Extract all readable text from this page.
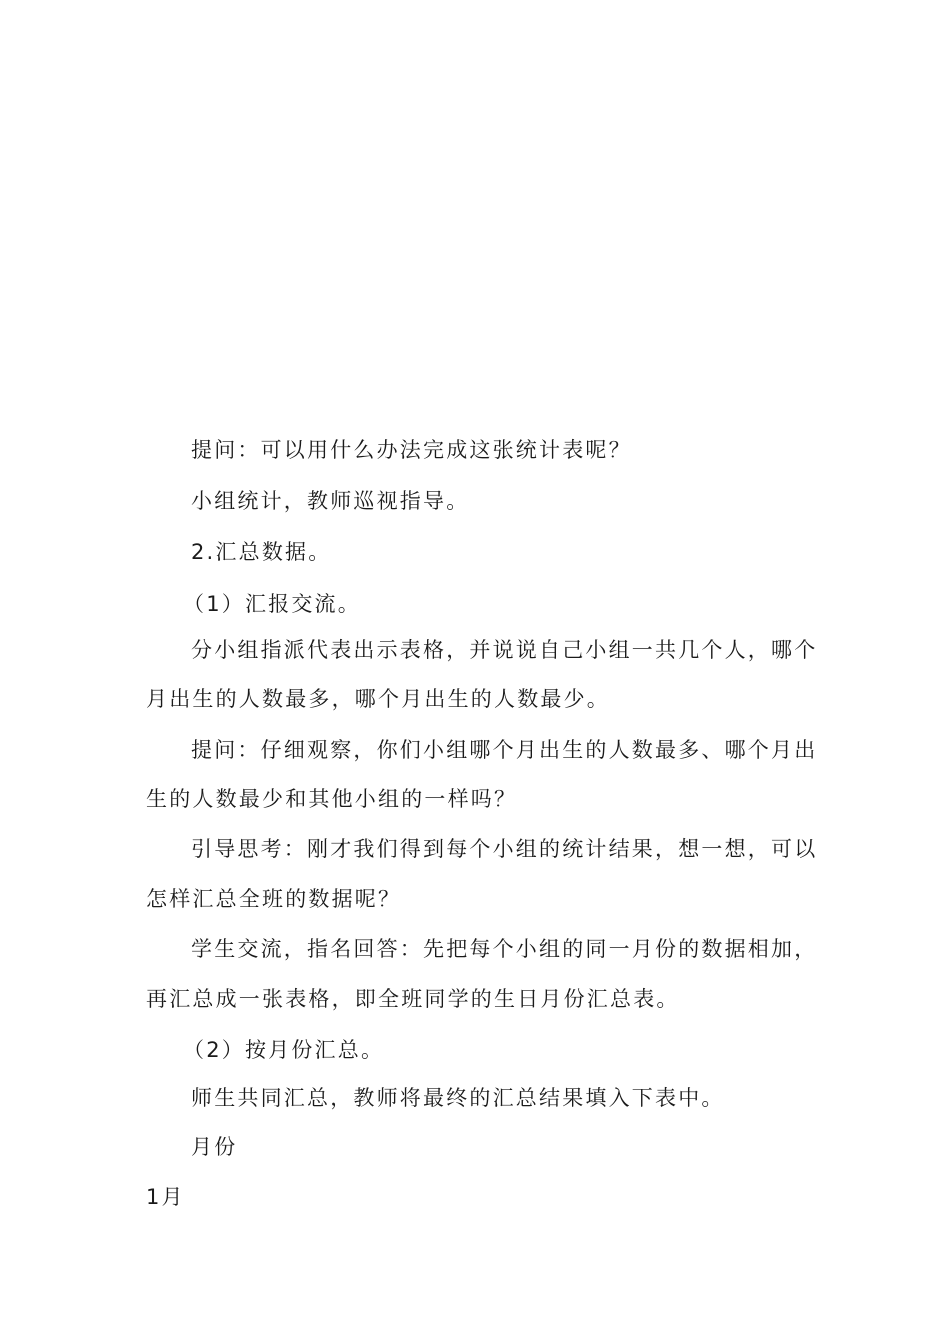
提问：可以用什么办法完成这张统计表呢？
小组统计，教师巡视指导。
2.汇总数据。
（1）汇报交流。
分小组指派代表出示表格，并说说自己小组一共几个人，哪个
月出生的人数最多，哪个月出生的人数最少。
提问：仔细观察，你们小组哪个月出生的人数最多、哪个月出
生的人数最少和其他小组的一样吗？
引导思考：刚才我们得到每个小组的统计结果，想一想，可以
怎样汇总全班的数据呢？
学生交流，指名回答：先把每个小组的同一月份的数据相加，
再汇总成一张表格，即全班同学的生日月份汇总表。
（2）按月份汇总。
师生共同汇总，教师将最终的汇总结果填入下表中。
月份
1月
